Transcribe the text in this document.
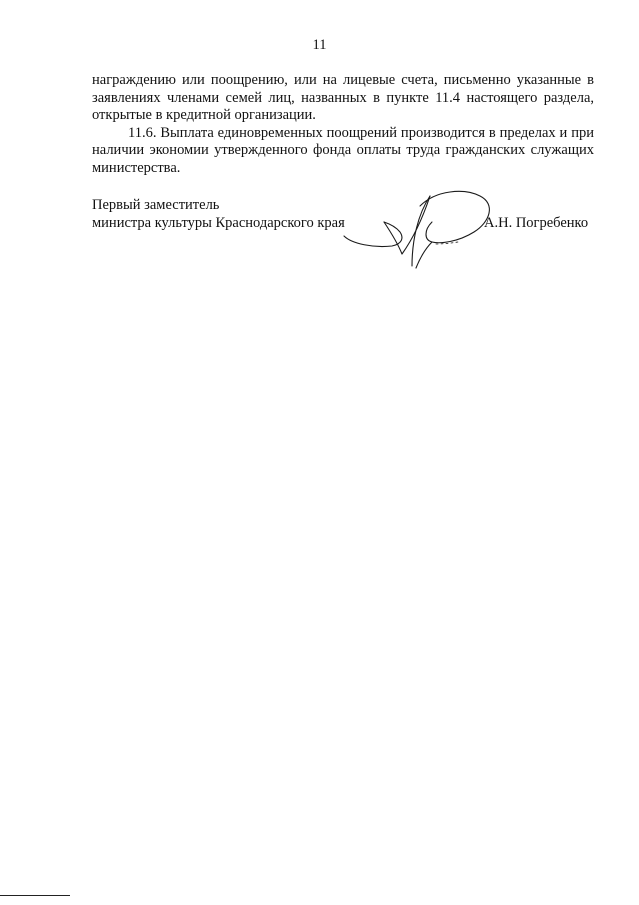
11

награждению или поощрению, или на лицевые счета, письменно указанные в заявлениях членами семей лиц, названных в пункте 11.4 настоящего раздела, открытые в кредитной организации.

11.6. Выплата единовременных поощрений производится в пределах и при наличии экономии утвержденного фонда оплаты труда гражданских служащих министерства.

Первый заместитель
министра культуры Краснодарского края	А.Н. Погребенко
